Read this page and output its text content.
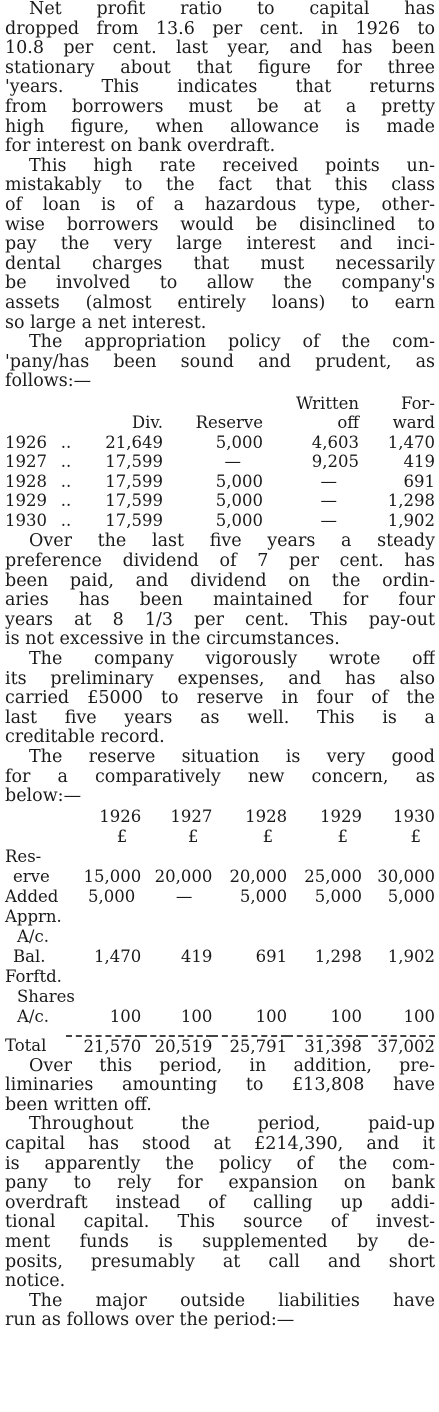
Net profit ratio to capital has
dropped from 13.6 per cent. in 1926 to
10.8 per cent. last year, and has been
stationary about that figure for three
'years. This indicates that returns
from borrowers must be at a pretty
high figure, when allowance is made
for interest on bank overdraft.

This high rate received points un-
mistakably to the fact that this class
of loan is of a hazardous type, other-
wise borrowers would be disinclined to
pay the very large interest and inci-
dental charges that must necessarily
be involved to allow the company's
assets (almost entirely loans) to earn
so large a net interest.

The appropriation policy of the com-
'pany/has been sound and prudent, as
follows:—

				Written	For-
		Div.	Reserve	off	ward
1926	..	21,649	5,000	4,603	1,470
1927	..	17,599	—	9,205	419
1928	..	17,599	5,000	—	691
1929	..	17,599	5,000	—	1,298
1930	..	17,599	5,000	—	1,902

Over the last five years a steady
preference dividend of 7 per cent. has
been paid, and dividend on the ordin-
aries has been maintained for four
years at 8 1/3 per cent. This pay-out
is not excessive in the circumstances.

The company vigorously wrote off
its preliminary expenses, and has also
carried £5000 to reserve in four of the
last five years as well. This is a
creditable record.

The reserve situation is very good
for a comparatively new concern, as
below:—

	1926	1927	1928	1929	1930
	£	£	£	£	£
Res-					
erve	15,000	20,000	20,000	25,000	30,000
Added	5,000	—	5,000	5,000	5,000
Apprn.					
A/c.					
Bal.	1,470	419	691	1,298	1,902
Forftd.					
Shares					
A/c.	100	100	100	100	100

Total	21,570	20,519	25,791	31,398	37,002

Over this period, in addition, pre-
liminaries amounting to £13,808 have
been written off.

Throughout the period, paid-up
capital has stood at £214,390, and it
is apparently the policy of the com-
pany to rely for expansion on bank
overdraft instead of calling up addi-
tional capital. This source of invest-
ment funds is supplemented by de-
posits, presumably at call and short
notice.

The major outside liabilities have
run as follows over the period:—
